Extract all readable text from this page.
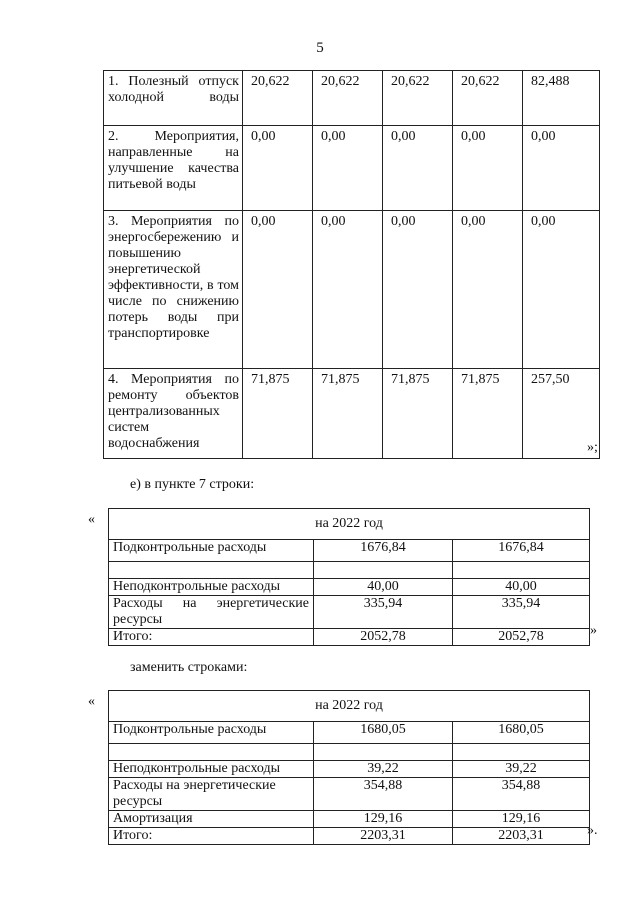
5
1. Полезный отпуск холодной воды	20,622	20,622	20,622	20,622	82,488
2. Мероприятия, направленные на улучшение качества питьевой воды	0,00	0,00	0,00	0,00	0,00
3. Мероприятия по энергосбережению и повышению энергетической эффективности, в том числе по снижению потерь воды при транспортировке	0,00	0,00	0,00	0,00	0,00
4. Мероприятия по ремонту объектов централизованных систем водоснабжения	71,875	71,875	71,875	71,875	257,50
»;
е) в пункте 7 строки:
«	на 2022 год		
Подконтрольные расходы	1676,84	1676,84

Неподконтрольные расходы	40,00	40,00
Расходы на энергетические ресурсы	335,94	335,94
Итого:	2052,78	2052,78	»
заменить строками:
«	на 2022 год		
Подконтрольные расходы	1680,05	1680,05

Неподконтрольные расходы	39,22	39,22
Расходы на энергетические ресурсы	354,88	354,88
Амортизация	129,16	129,16
Итого:	2203,31	2203,31	».
